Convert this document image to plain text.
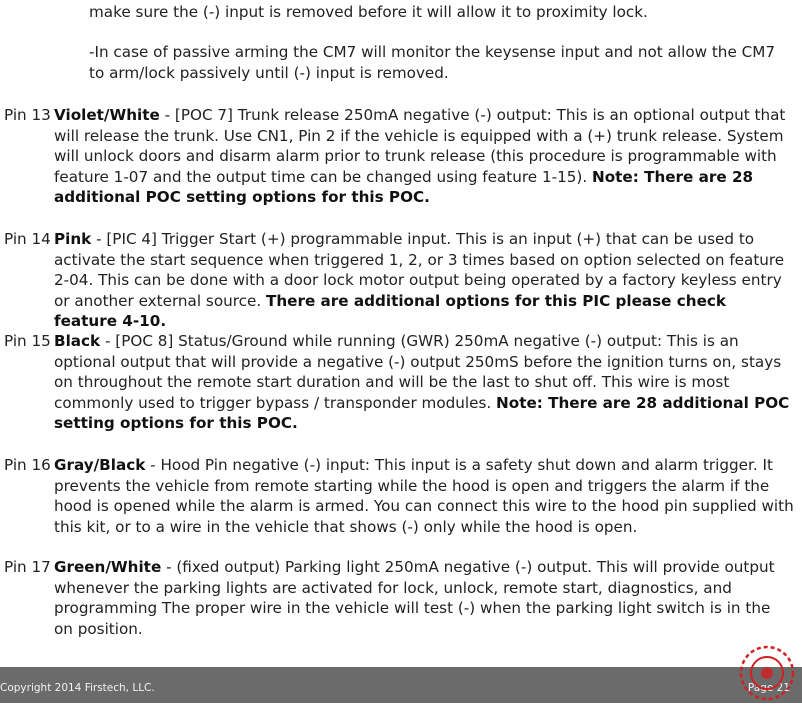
make sure the (-) input is removed before it will allow it to proximity lock.

-In case of passive arming the CM7 will monitor the keysense input and not allow the CM7 to arm/lock passively until (-) input is removed.

Pin 13 Violet/White - [POC 7] Trunk release 250mA negative (-) output: This is an optional output that will release the trunk. Use CN1, Pin 2 if the vehicle is equipped with a (+) trunk release. System will unlock doors and disarm alarm prior to trunk release (this procedure is programmable with feature 1-07 and the output time can be changed using feature 1-15). Note: There are 28 additional POC setting options for this POC.
Pin 14 Pink - [PIC 4] Trigger Start (+) programmable input. This is an input (+) that can be used to activate the start sequence when triggered 1, 2, or 3 times based on option selected on feature 2-04. This can be done with a door lock motor output being operated by a factory keyless entry or another external source. There are additional options for this PIC please check feature 4-10.
Pin 15 Black - [POC 8] Status/Ground while running (GWR) 250mA negative (-) output: This is an optional output that will provide a negative (-) output 250mS before the ignition turns on, stays on throughout the remote start duration and will be the last to shut off. This wire is most commonly used to trigger bypass / transponder modules. Note: There are 28 additional POC setting options for this POC.
Pin 16 Gray/Black - Hood Pin negative (-) input: This input is a safety shut down and alarm trigger. It prevents the vehicle from remote starting while the hood is open and triggers the alarm if the hood is opened while the alarm is armed. You can connect this wire to the hood pin supplied with this kit, or to a wire in the vehicle that shows (-) only while the hood is open.
Pin 17 Green/White - (fixed output) Parking light 250mA negative (-) output. This will provide output whenever the parking lights are activated for lock, unlock, remote start, diagnostics, and programming The proper wire in the vehicle will test (-) when the parking light switch is in the on position.
Copyright 2014 Firstech, LLC.	Page 21
